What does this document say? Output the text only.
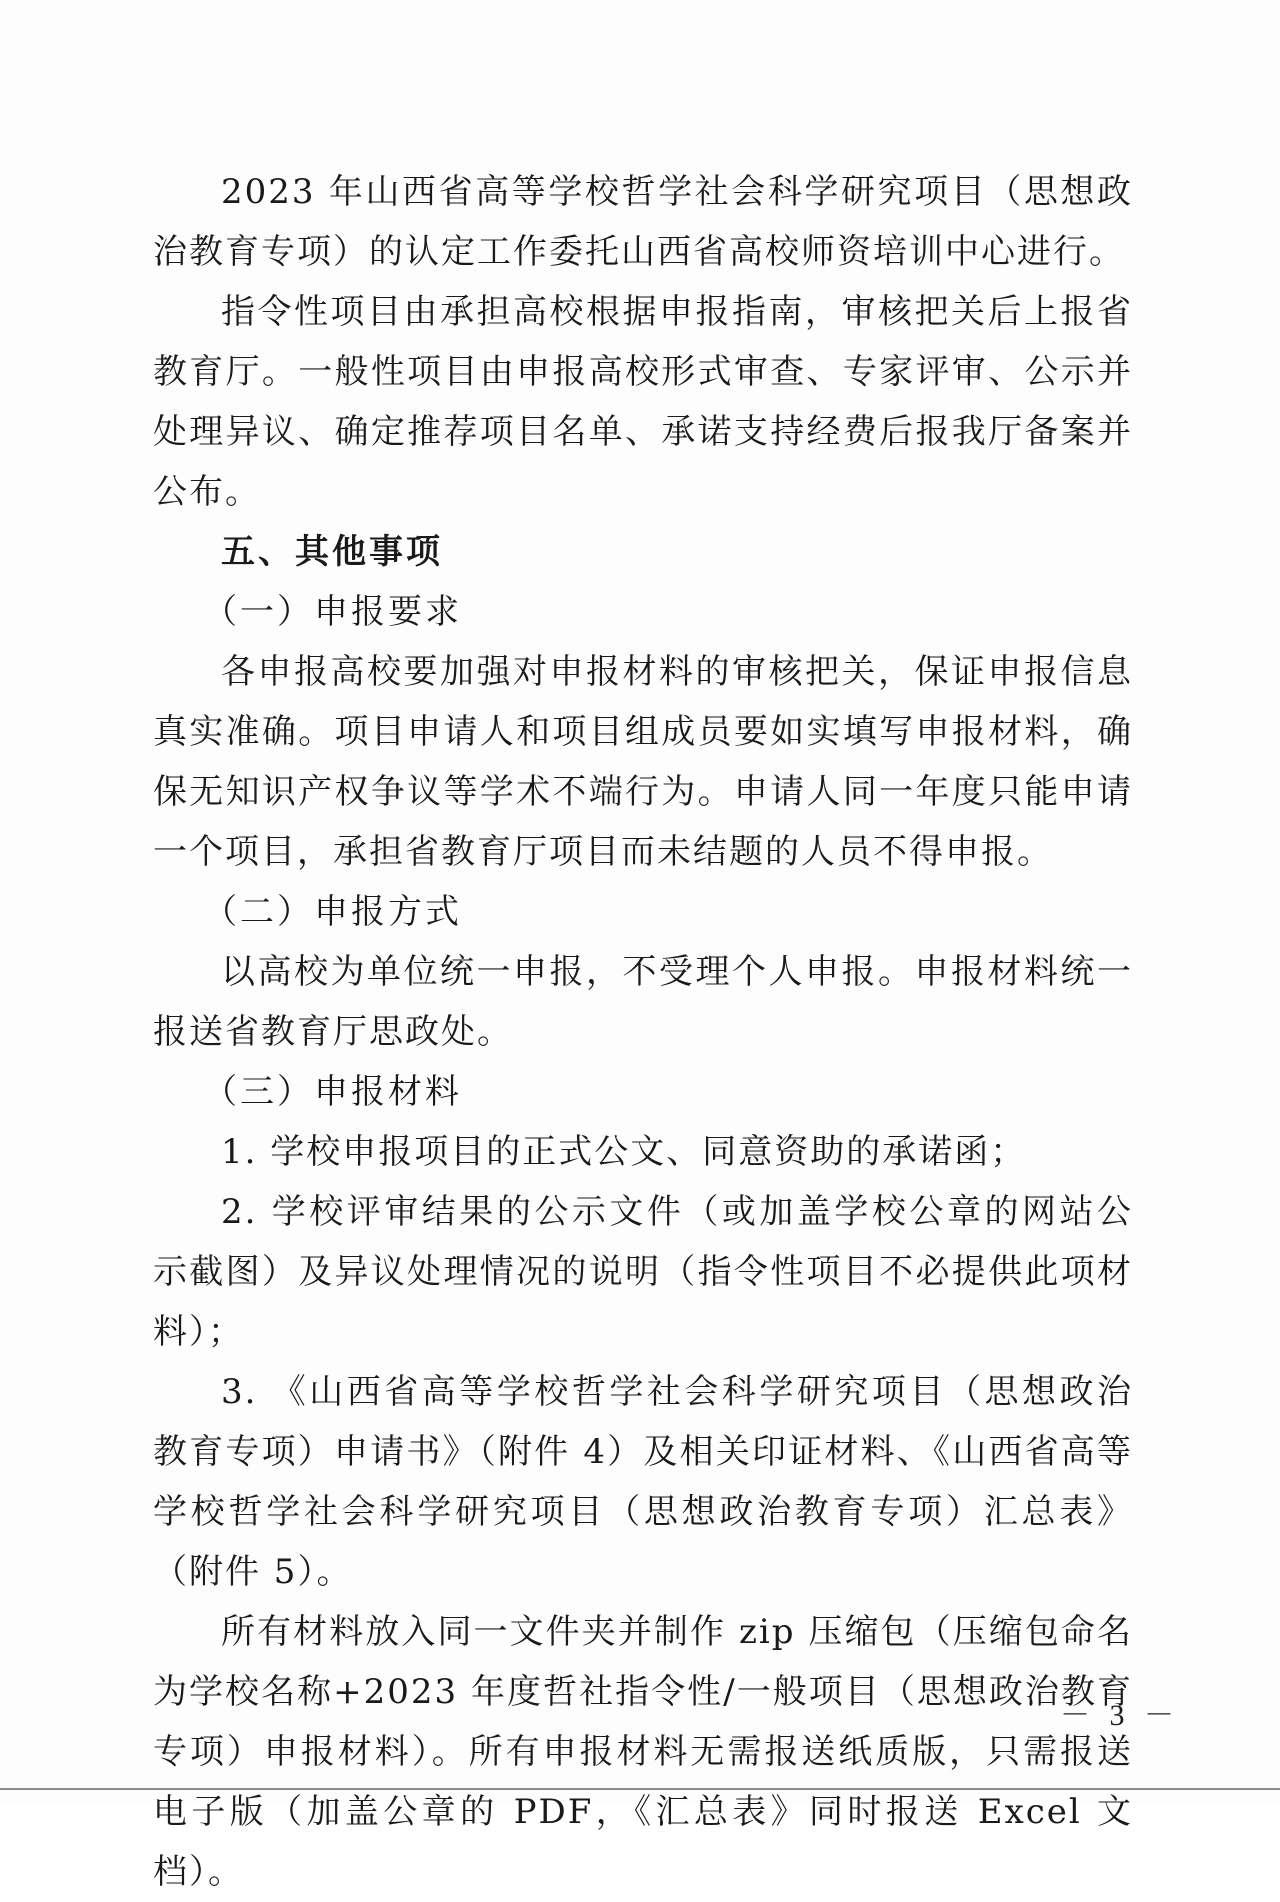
2023 年山西省高等学校哲学社会科学研究项目（思想政治教育专项）的认定工作委托山西省高校师资培训中心进行。

指令性项目由承担高校根据申报指南，审核把关后上报省教育厅。一般性项目由申报高校形式审查、专家评审、公示并处理异议、确定推荐项目名单、承诺支持经费后报我厅备案并公布。

五、其他事项

（一）申报要求

各申报高校要加强对申报材料的审核把关，保证申报信息真实准确。项目申请人和项目组成员要如实填写申报材料，确保无知识产权争议等学术不端行为。申请人同一年度只能申请一个项目，承担省教育厅项目而未结题的人员不得申报。

（二）申报方式

以高校为单位统一申报，不受理个人申报。申报材料统一报送省教育厅思政处。

（三）申报材料

1. 学校申报项目的正式公文、同意资助的承诺函；

2. 学校评审结果的公示文件（或加盖学校公章的网站公示截图）及异议处理情况的说明（指令性项目不必提供此项材料）；

3. 《山西省高等学校哲学社会科学研究项目（思想政治教育专项）申请书》（附件 4）及相关印证材料、《山西省高等学校哲学社会科学研究项目（思想政治教育专项）汇总表》（附件 5）。

所有材料放入同一文件夹并制作 zip 压缩包（压缩包命名为学校名称+2023 年度哲社指令性/一般项目（思想政治教育专项）申报材料）。所有申报材料无需报送纸质版，只需报送电子版（加盖公章的 PDF，《汇总表》同时报送 Excel 文档）。

－ 3 －
